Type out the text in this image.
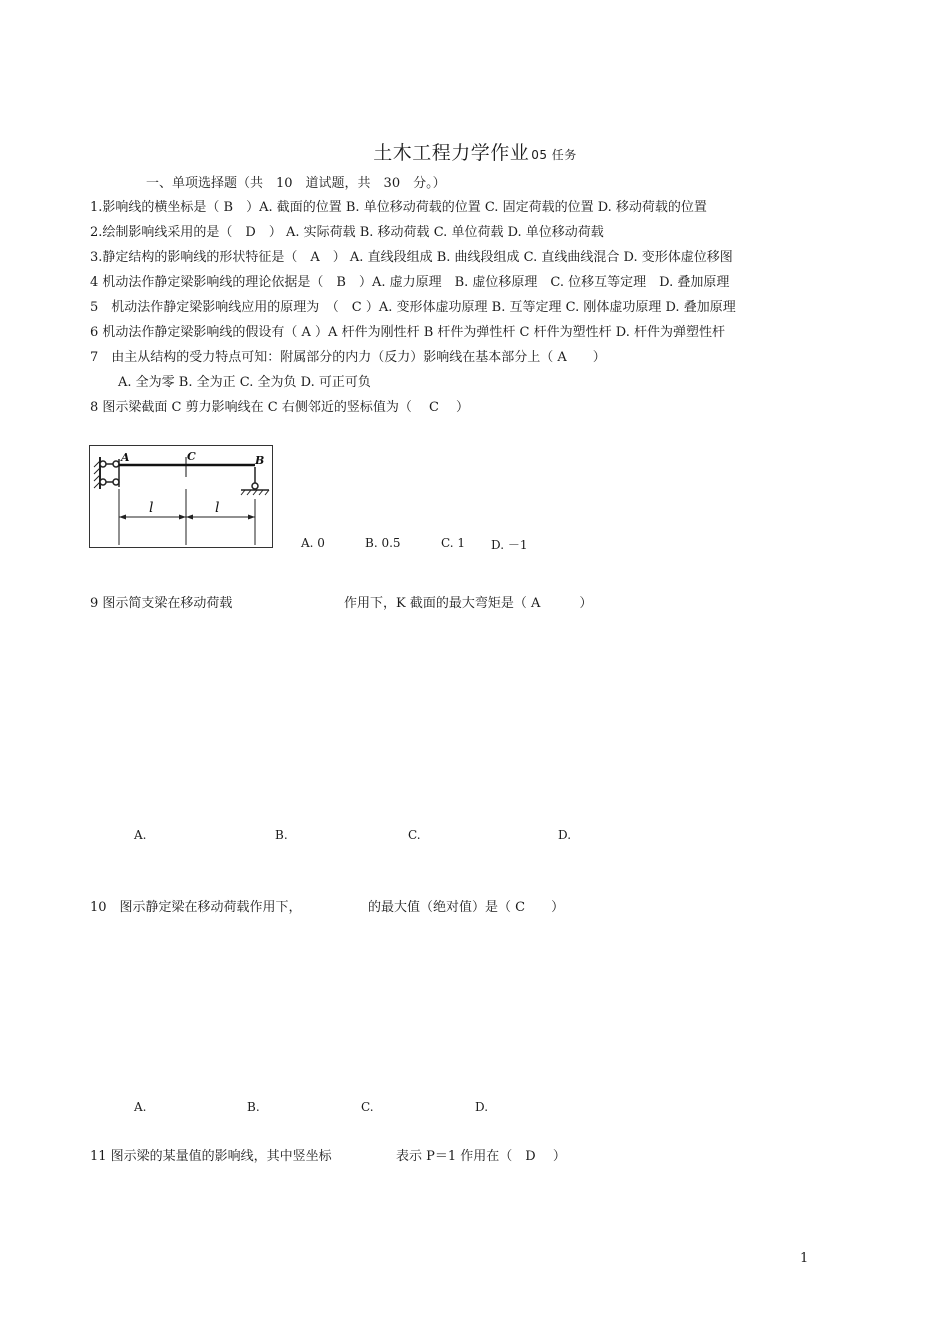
土木工程力学作业 05 任务
一、单项选择题（共　10　道试题，共　30　分。）
1.影响线的横坐标是（ B　）A. 截面的位置 B. 单位移动荷载的位置 C. 固定荷载的位置 D. 移动荷载的位置
2.绘制影响线采用的是（　D　） A. 实际荷载 B. 移动荷载 C. 单位荷载 D. 单位移动荷载
3.静定结构的影响线的形状特征是（　A　） A. 直线段组成 B. 曲线段组成 C. 直线曲线混合 D. 变形体虚位移图
4 机动法作静定梁影响线的理论依据是（　B　）A. 虚力原理　B. 虚位移原理　C. 位移互等定理　D. 叠加原理
5　机动法作静定梁影响线应用的原理为　（　C ）A. 变形体虚功原理 B. 互等定理 C. 刚体虚功原理 D. 叠加原理
6 机动法作静定梁影响线的假设有（ A ）A 杆件为刚性杆 B 杆件为弹性杆 C 杆件为塑性杆 D. 杆件为弹塑性杆
7　由主从结构的受力特点可知：附属部分的内力（反力）影响线在基本部分上（ A　　）
A. 全为零 B. 全为正 C. 全为负 D. 可正可负
8 图示梁截面 C 剪力影响线在 C 右侧邻近的竖标值为（　 C　 ）
A	C	B
l	l
A. 0	B. 0.5	C. 1 D. －1
9 图示简支梁在移动荷载	作用下，K 截面的最大弯矩是（ A　　　）
A.	B.	C.	D.
10　图示静定梁在移动荷载作用下，	的最大值（绝对值）是（ C　　）
A.	B.	C.	D.
11 图示梁的某量值的影响线，其中竖坐标	表示 P＝1 作用在（　D　 ）
1
